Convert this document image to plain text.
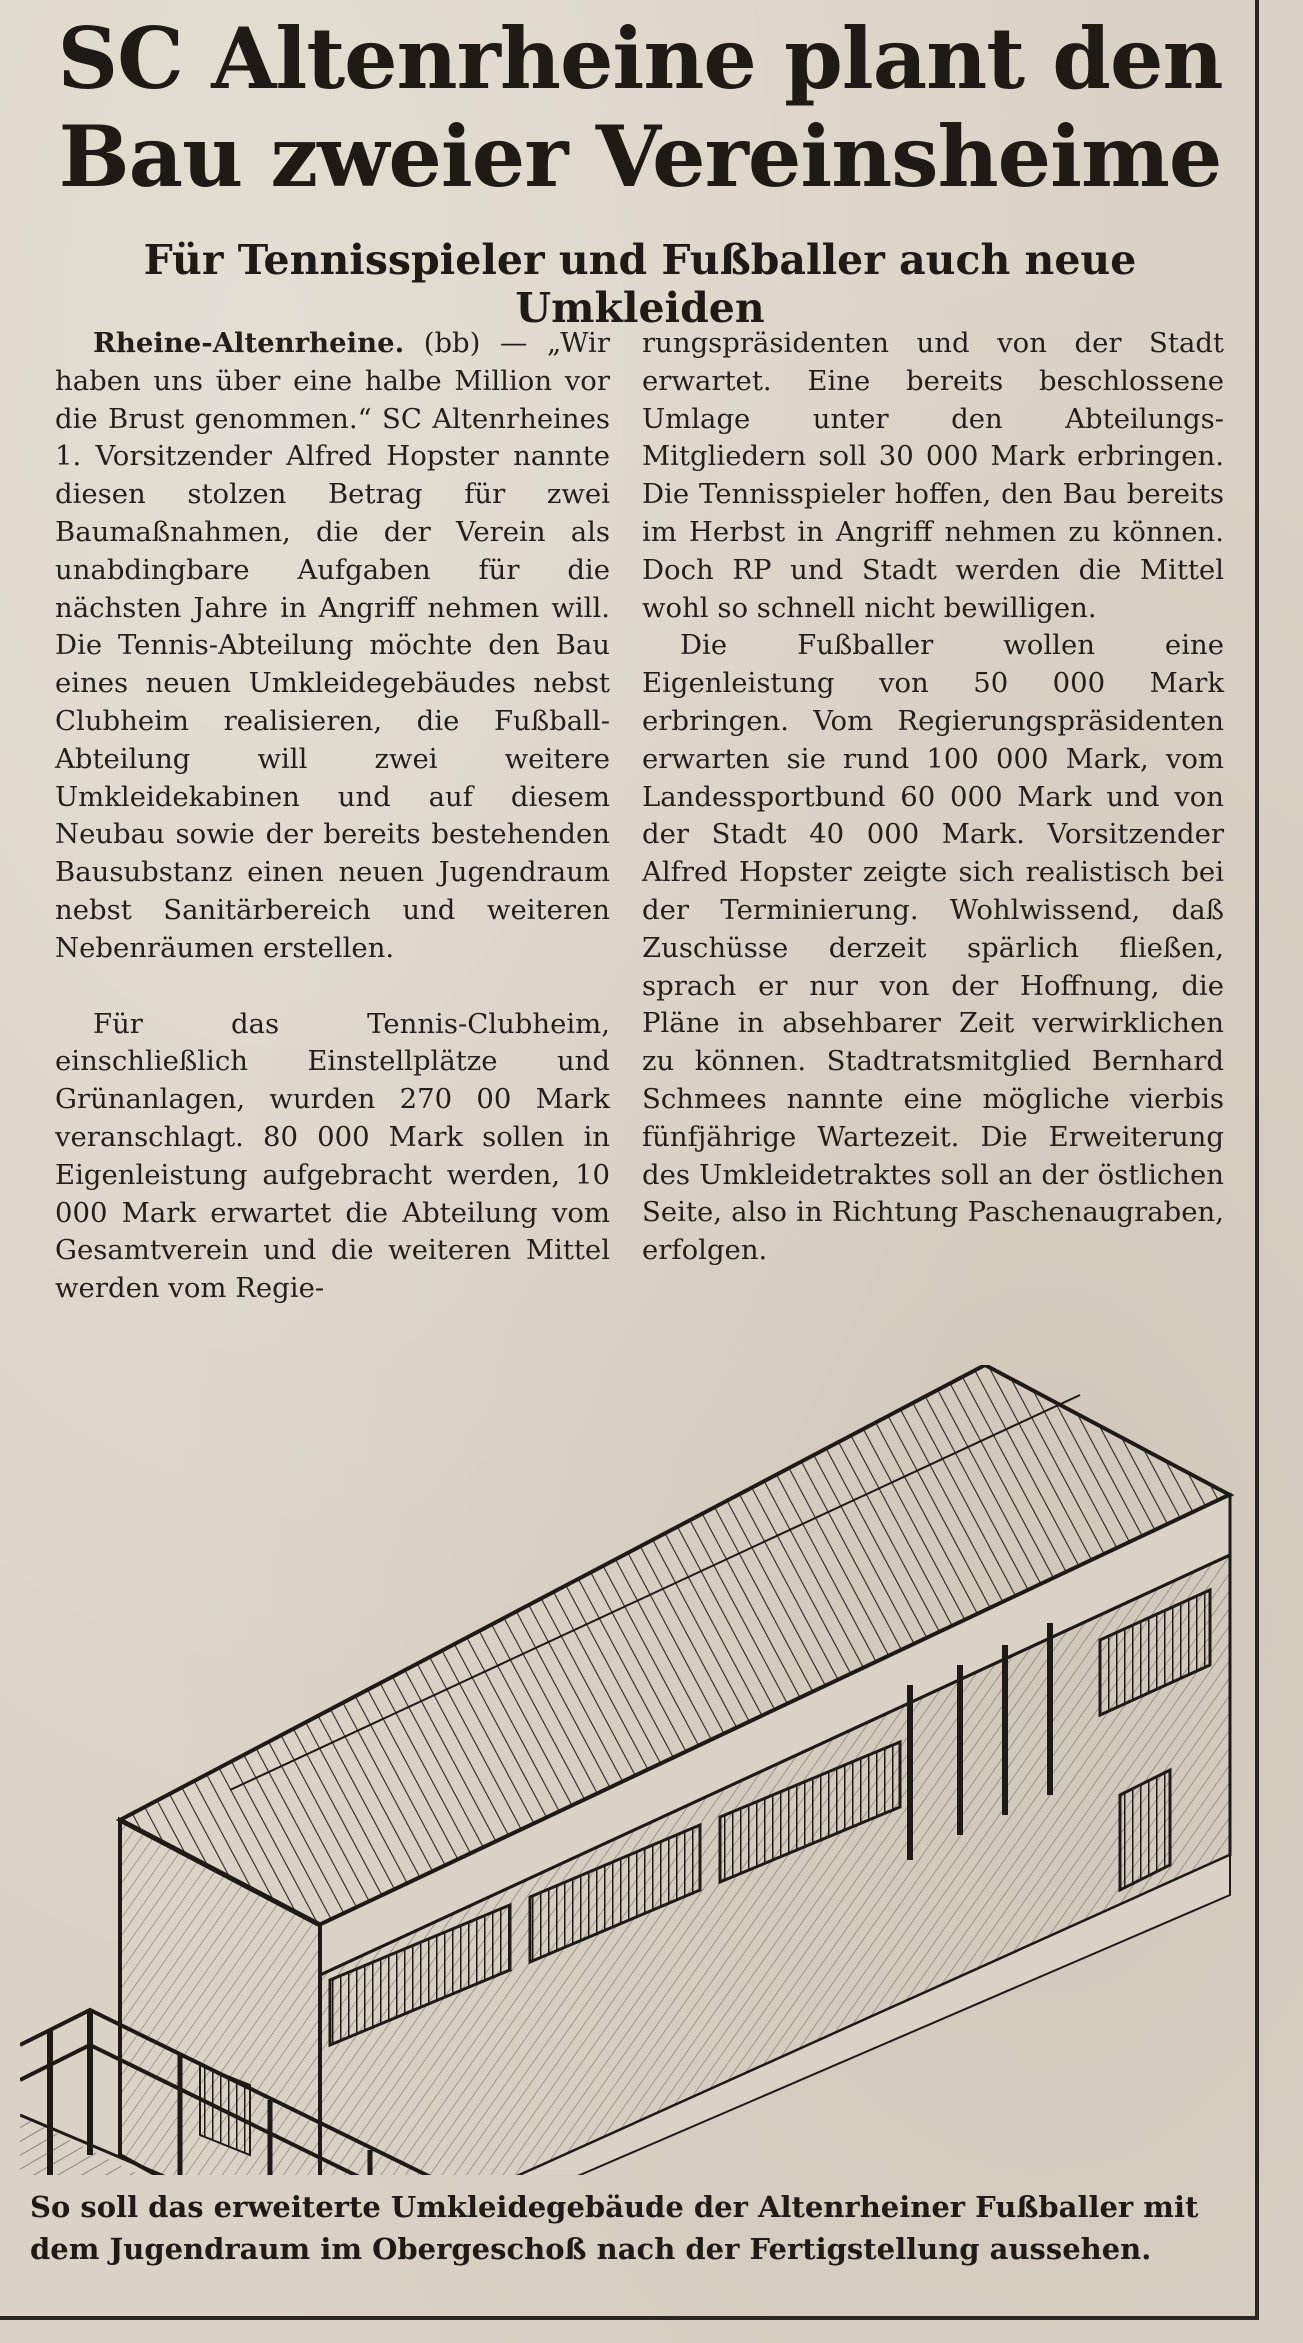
SC Altenrheine plant den
Bau zweier Vereinsheime
Für Tennisspieler und Fußballer auch neue Umkleiden

Rheine-Altenrheine. (bb) — „Wir haben uns über eine halbe Million vor die Brust genommen.“ SC Altenrheines 1. Vorsitzender Alfred Hopster nannte diesen stolzen Betrag für zwei Baumaßnahmen, die der Verein als unabdingbare Aufgaben für die nächsten Jahre in Angriff nehmen will. Die Tennis-Abteilung möchte den Bau eines neuen Umkleidegebäudes nebst Clubheim realisieren, die Fußball-Abteilung will zwei weitere Umkleidekabinen und auf diesem Neubau sowie der bereits bestehenden Bausubstanz einen neuen Jugendraum nebst Sanitärbereich und weiteren Nebenräumen erstellen.

Für das Tennis-Clubheim, einschließlich Einstellplätze und Grünanlagen, wurden 270 00 Mark veranschlagt. 80 000 Mark sollen in Eigenleistung aufgebracht werden, 10 000 Mark erwartet die Abteilung vom Gesamtverein und die weiteren Mittel werden vom Regie-

rungspräsidenten und von der Stadt erwartet. Eine bereits beschlossene Umlage unter den Abteilungs-Mitgliedern soll 30 000 Mark erbringen. Die Tennisspieler hoffen, den Bau bereits im Herbst in Angriff nehmen zu können. Doch RP und Stadt werden die Mittel wohl so schnell nicht bewilligen.

Die Fußballer wollen eine Eigenleistung von 50 000 Mark erbringen. Vom Regierungspräsidenten erwarten sie rund 100 000 Mark, vom Landessportbund 60 000 Mark und von der Stadt 40 000 Mark. Vorsitzender Alfred Hopster zeigte sich realistisch bei der Terminierung. Wohlwissend, daß Zuschüsse derzeit spärlich fließen, sprach er nur von der Hoffnung, die Pläne in absehbarer Zeit verwirklichen zu können. Stadtratsmitglied Bernhard Schmees nannte eine mögliche vierbis fünfjährige Wartezeit. Die Erweiterung des Umkleidetraktes soll an der östlichen Seite, also in Richtung Paschenaugraben, erfolgen.

So soll das erweiterte Umkleidegebäude der Altenrheiner Fußballer mit
dem Jugendraum im Obergeschoß nach der Fertigstellung aussehen.
